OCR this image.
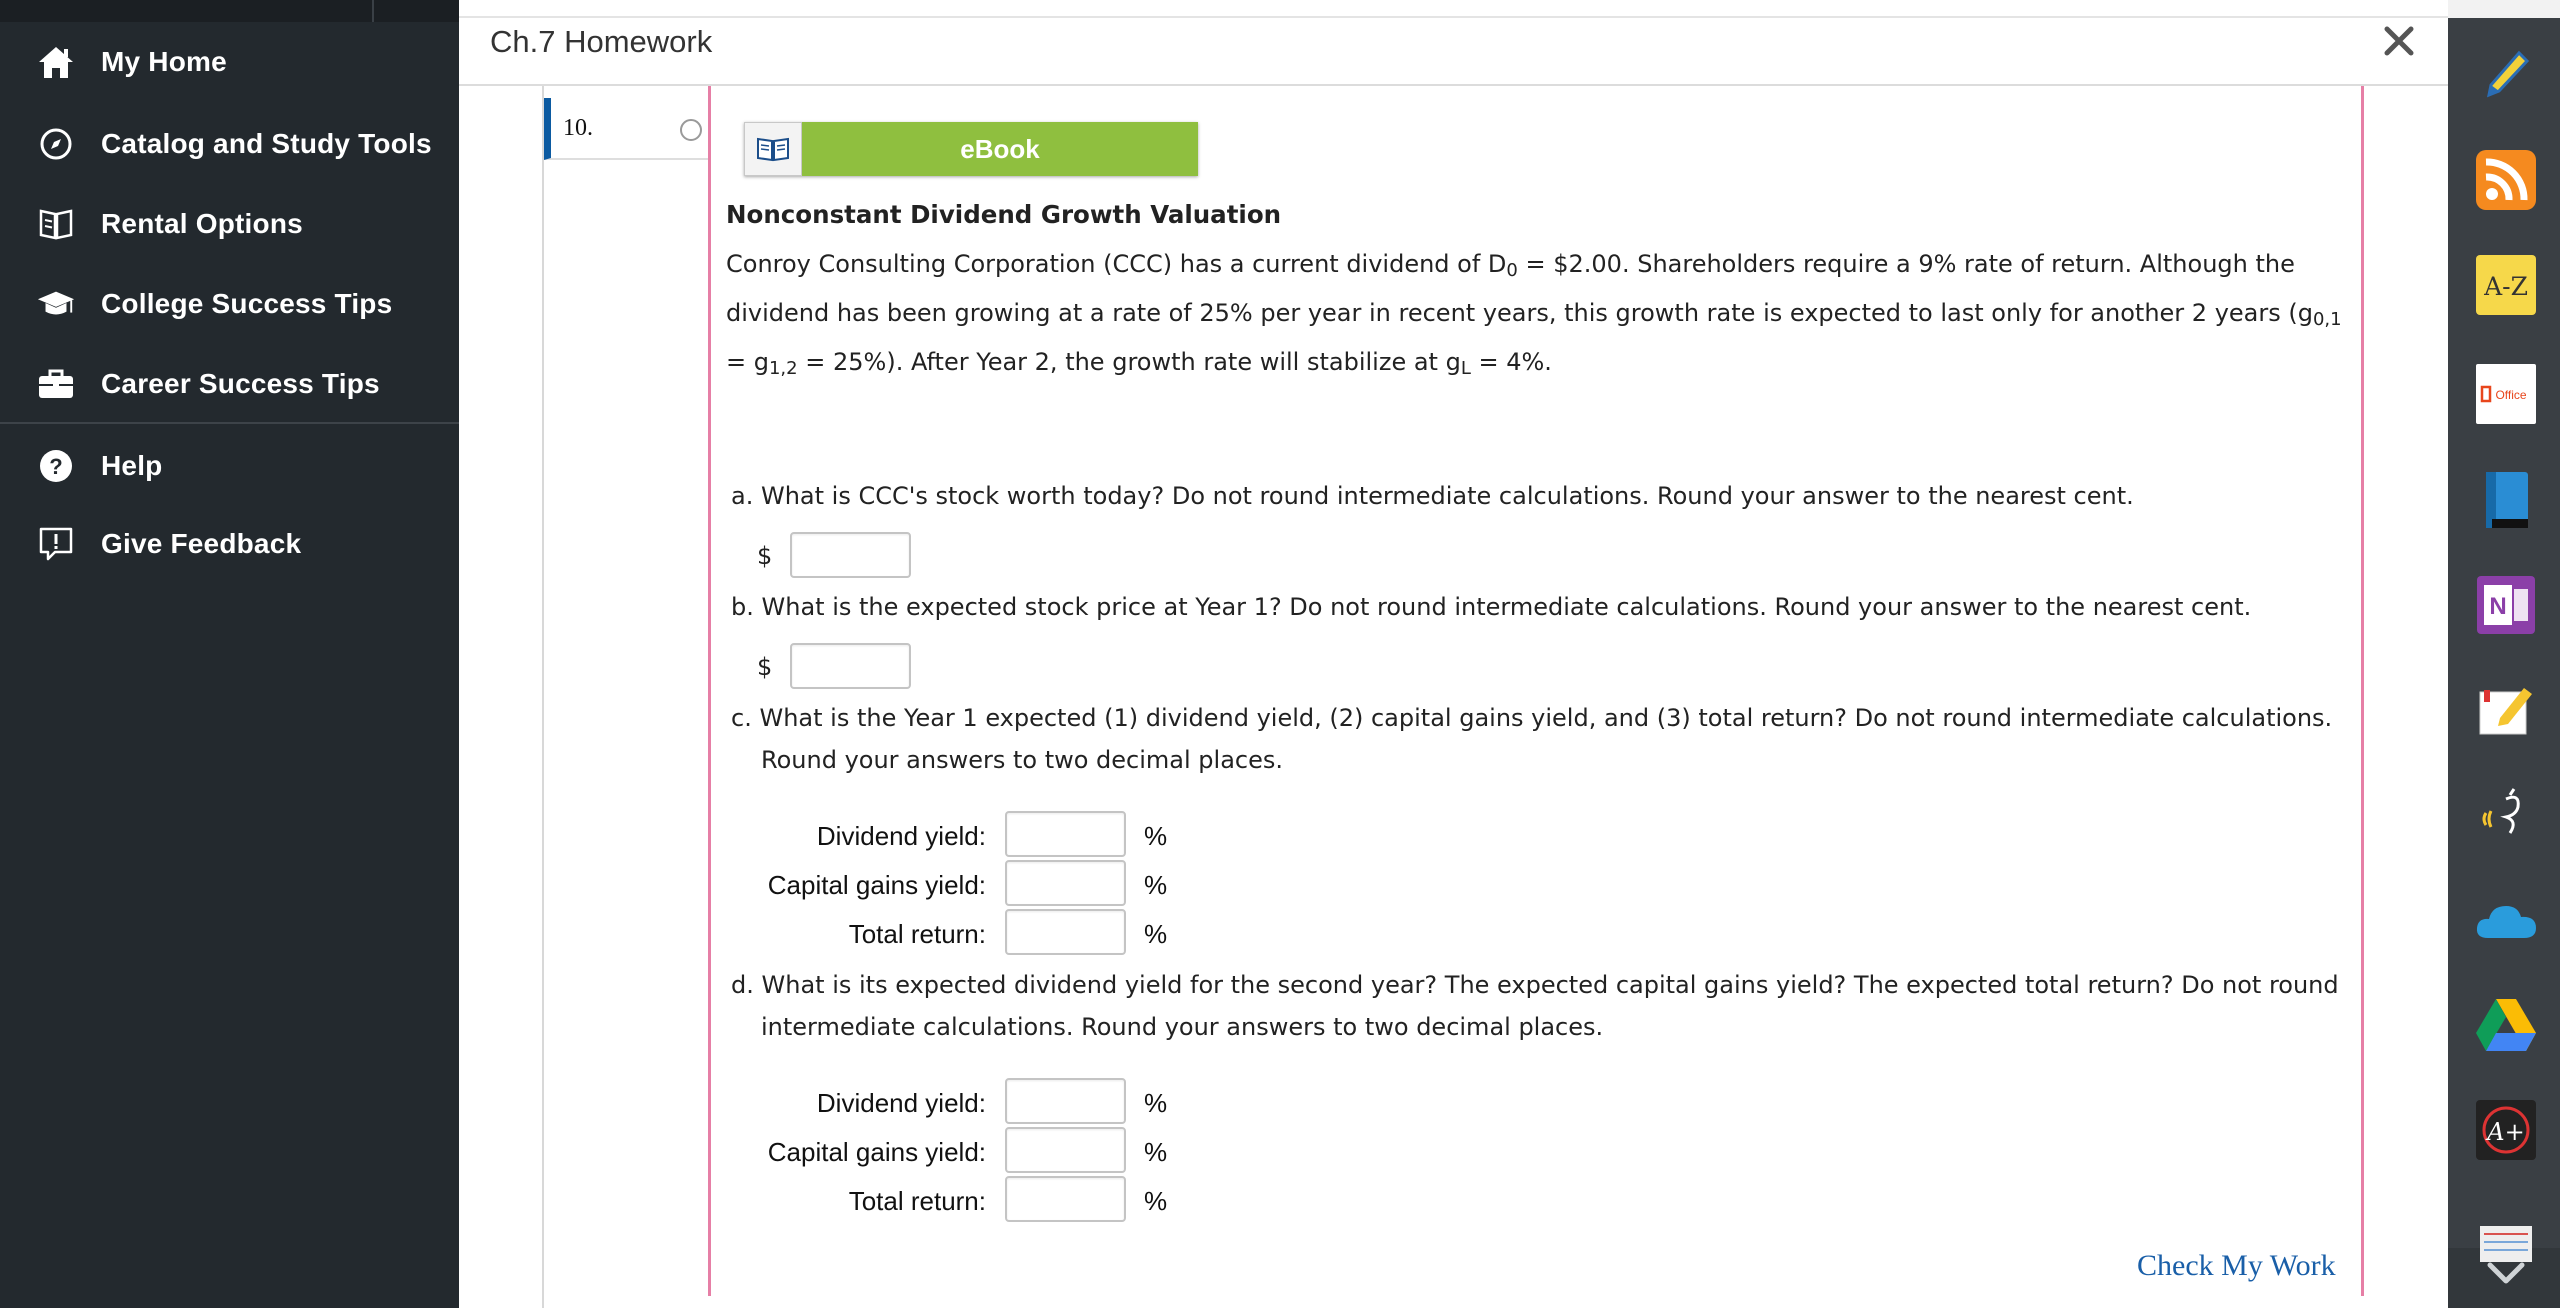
My Home
Catalog and Study Tools
Rental Options
College Success Tips
Career Success Tips
? Help
Give Feedback
Ch.7 Homework
10.
eBook
Nonconstant Dividend Growth Valuation
Conroy Consulting Corporation (CCC) has a current dividend of $D_0$ = $2.00. Shareholders require a 9% rate of return. Although the dividend has been growing at a rate of 25% per year in recent years, this growth rate is expected to last only for another 2 years $(g_{0,1} = g_{1,2} = 25\%)$. After Year 2, the growth rate will stabilize at $g_L = 4\%$.
a. What is CCC's stock worth today? Do not round intermediate calculations. Round your answer to the nearest cent.
$
b. What is the expected stock price at Year 1? Do not round intermediate calculations. Round your answer to the nearest cent.
$
c. What is the Year 1 expected (1) dividend yield, (2) capital gains yield, and (3) total return? Do not round intermediate calculations. Round your answers to two decimal places.
Dividend yield:	%
Capital gains yield:	%
Total return:	%
d. What is its expected dividend yield for the second year? The expected capital gains yield? The expected total return? Do not round intermediate calculations. Round your answers to two decimal places.
Dividend yield:	%
Capital gains yield:	%
Total return:	%
Check My Work
A-Z
Office
N
A+
